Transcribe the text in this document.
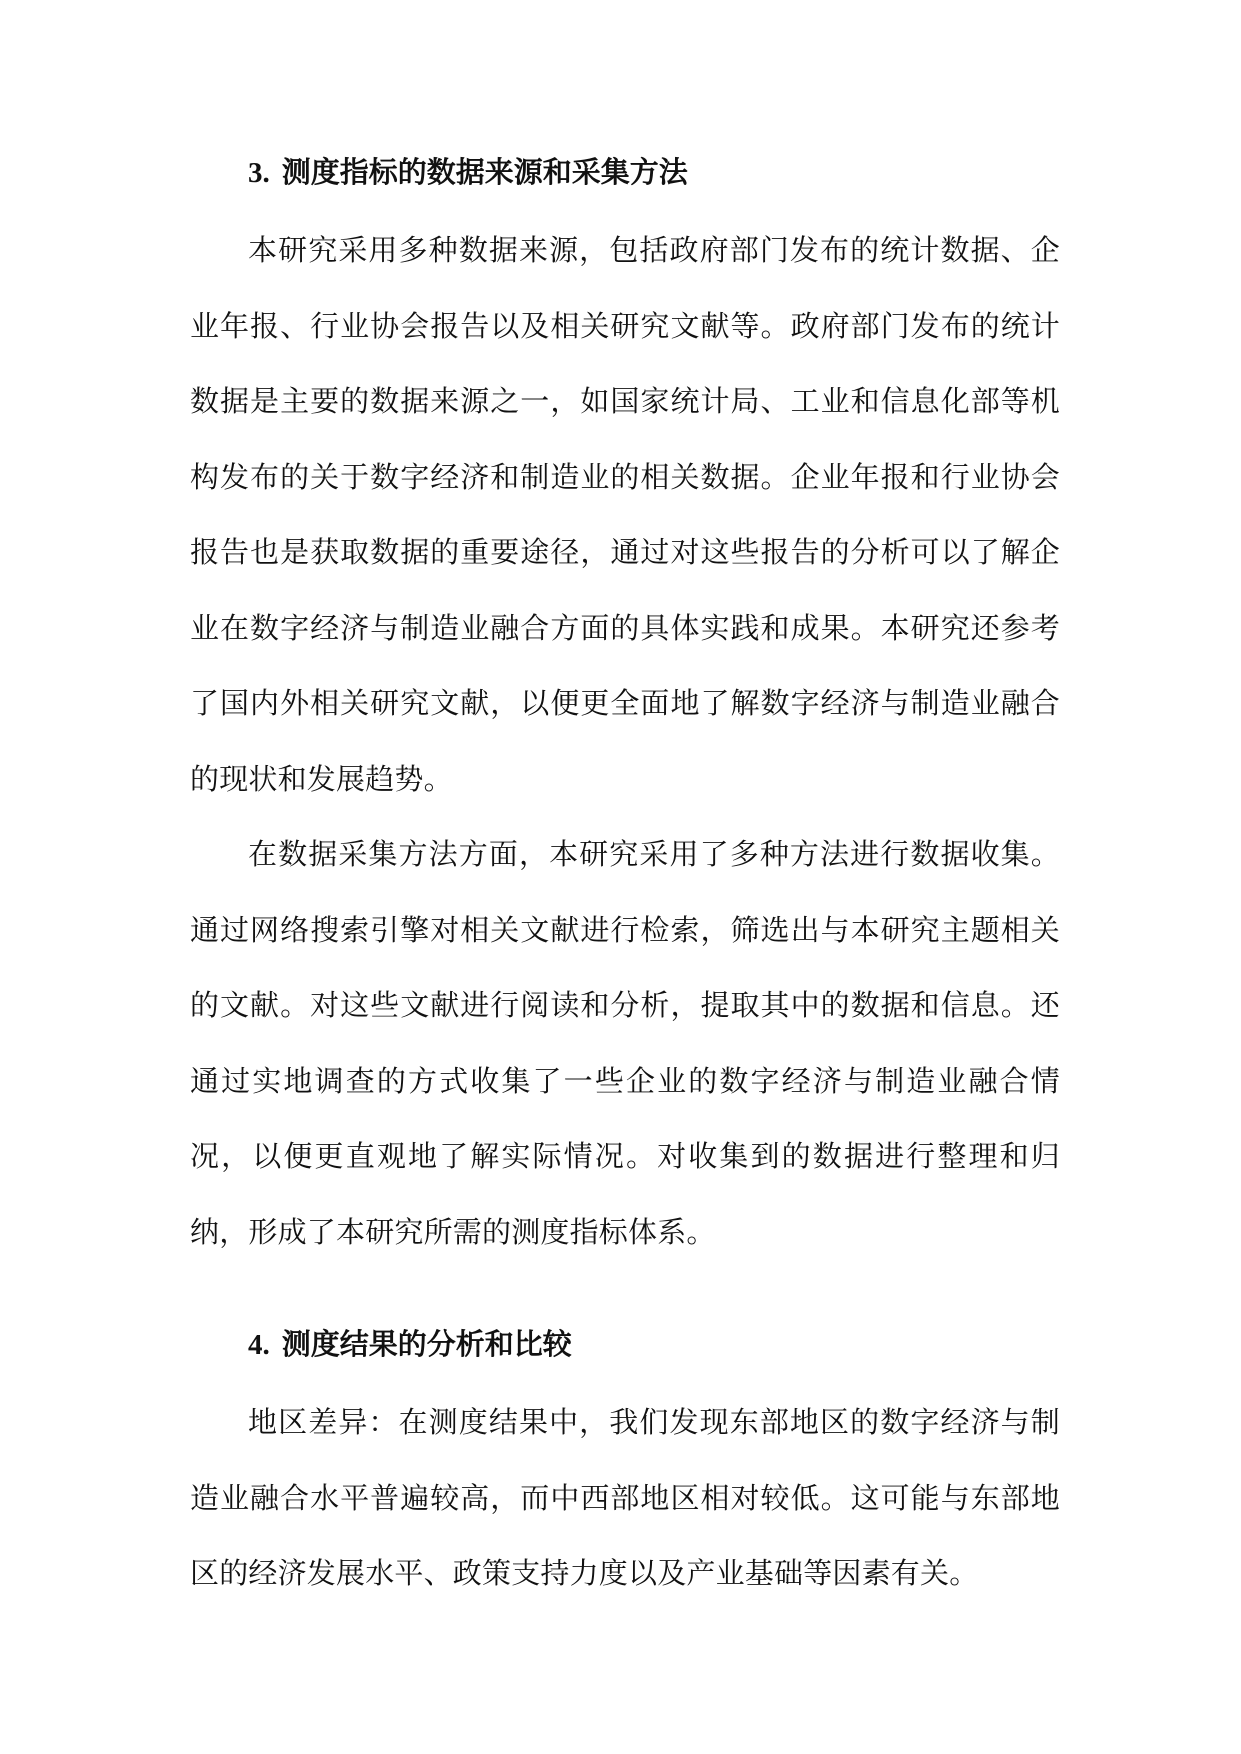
3. 测度指标的数据来源和采集方法

本研究采用多种数据来源，包括政府部门发布的统计数据、企业年报、行业协会报告以及相关研究文献等。政府部门发布的统计数据是主要的数据来源之一，如国家统计局、工业和信息化部等机构发布的关于数字经济和制造业的相关数据。企业年报和行业协会报告也是获取数据的重要途径，通过对这些报告的分析可以了解企业在数字经济与制造业融合方面的具体实践和成果。本研究还参考了国内外相关研究文献，以便更全面地了解数字经济与制造业融合的现状和发展趋势。

在数据采集方法方面，本研究采用了多种方法进行数据收集。通过网络搜索引擎对相关文献进行检索，筛选出与本研究主题相关的文献。对这些文献进行阅读和分析，提取其中的数据和信息。还通过实地调查的方式收集了一些企业的数字经济与制造业融合情况，以便更直观地了解实际情况。对收集到的数据进行整理和归纳，形成了本研究所需的测度指标体系。

4. 测度结果的分析和比较

地区差异：在测度结果中，我们发现东部地区的数字经济与制造业融合水平普遍较高，而中西部地区相对较低。这可能与东部地区的经济发展水平、政策支持力度以及产业基础等因素有关。
